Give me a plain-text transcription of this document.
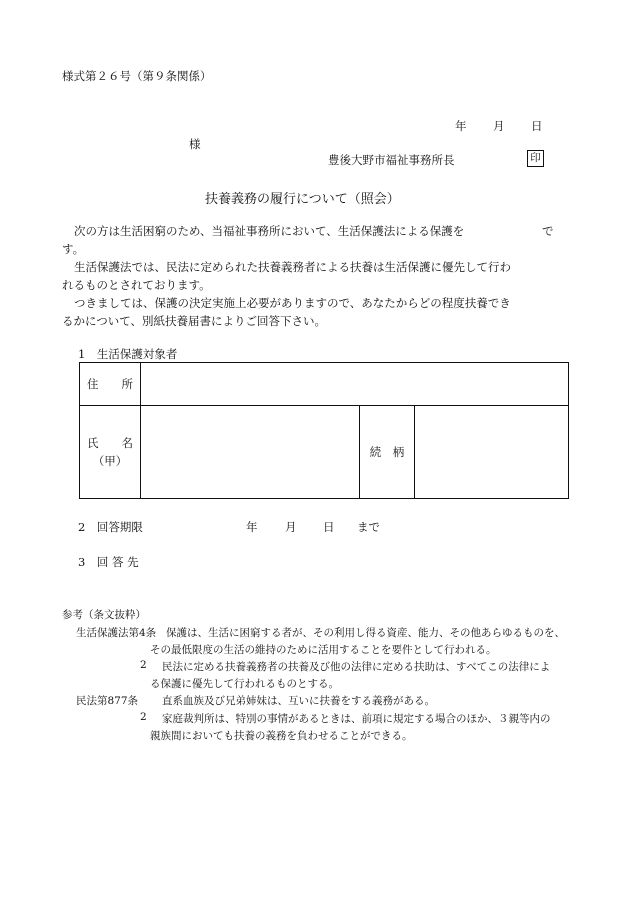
様式第２６号（第９条関係）
年 月 日
様
豊後大野市福祉事務所長	印
扶養義務の履行について（照会）
次の方は生活困窮のため、当福祉事務所において、生活保護法による保護を	で
す。
生活保護法では、民法に定められた扶養義務者による扶養は生活保護に優先して行わ
れるものとされております。
つきましては、保護の決定実施上必要がありますので、あなたからどの程度扶養でき
るかについて、別紙扶養届書によりご回答下さい。
1　生活保護対象者
住　　所			

氏　　名
（甲）		続　柄	
2　回答期限	年 月 日 まで
3　回 答 先
参考（条文抜粋）
生活保護法第4条 保護は、生活に困窮する者が、その利用し得る資産、能力、その他あらゆるものを、
その最低限度の生活の維持のために活用することを要件として行われる。
2 民法に定める扶養義務者の扶養及び他の法律に定める扶助は、すべてこの法律によ
る保護に優先して行われるものとする。
民法第877条 直系血族及び兄弟姉妹は、互いに扶養をする義務がある。
2 家庭裁判所は、特別の事情があるときは、前項に規定する場合のほか、３親等内の
親族間においても扶養の義務を負わせることができる。
